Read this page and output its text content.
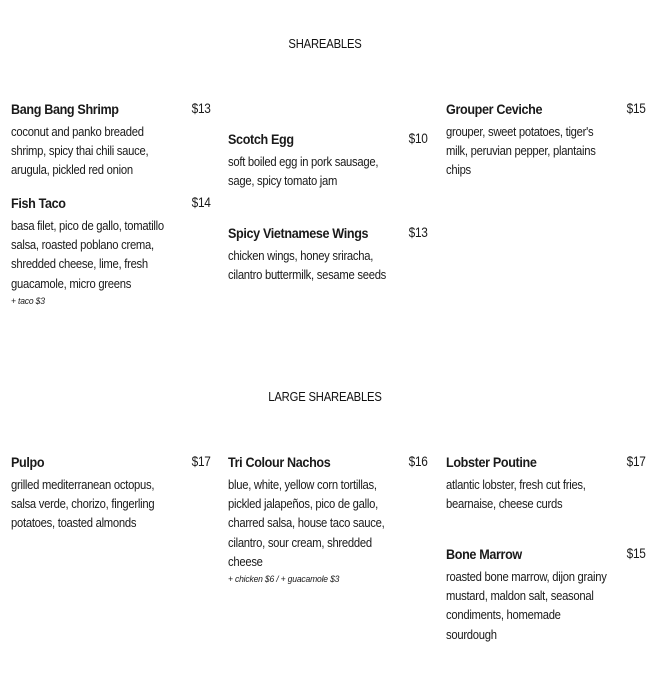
SHAREABLES
Bang Bang Shrimp	$13
coconut and panko breaded shrimp, spicy thai chili sauce, arugula, pickled red onion
Fish Taco	$14
basa filet, pico de gallo, tomatillo salsa, roasted poblano crema, shredded cheese, lime, fresh guacamole, micro greens
+ taco $3
Scotch Egg	$10
soft boiled egg in pork sausage, sage, spicy tomato jam
Spicy Vietnamese Wings	$13
chicken wings, honey sriracha, cilantro buttermilk, sesame seeds
Grouper Ceviche	$15
grouper, sweet potatoes, tiger's milk, peruvian pepper, plantains chips
LARGE SHAREABLES
Pulpo	$17
grilled mediterranean octopus, salsa verde, chorizo, fingerling potatoes, toasted almonds
Tri Colour Nachos	$16
blue, white, yellow corn tortillas, pickled jalapeños, pico de gallo, charred salsa, house taco sauce, cilantro, sour cream, shredded cheese
+ chicken $6 / + guacamole $3
Lobster Poutine	$17
atlantic lobster, fresh cut fries, bearnaise, cheese curds
Bone Marrow	$15
roasted bone marrow, dijon grainy mustard, maldon salt, seasonal condiments, homemade sourdough
